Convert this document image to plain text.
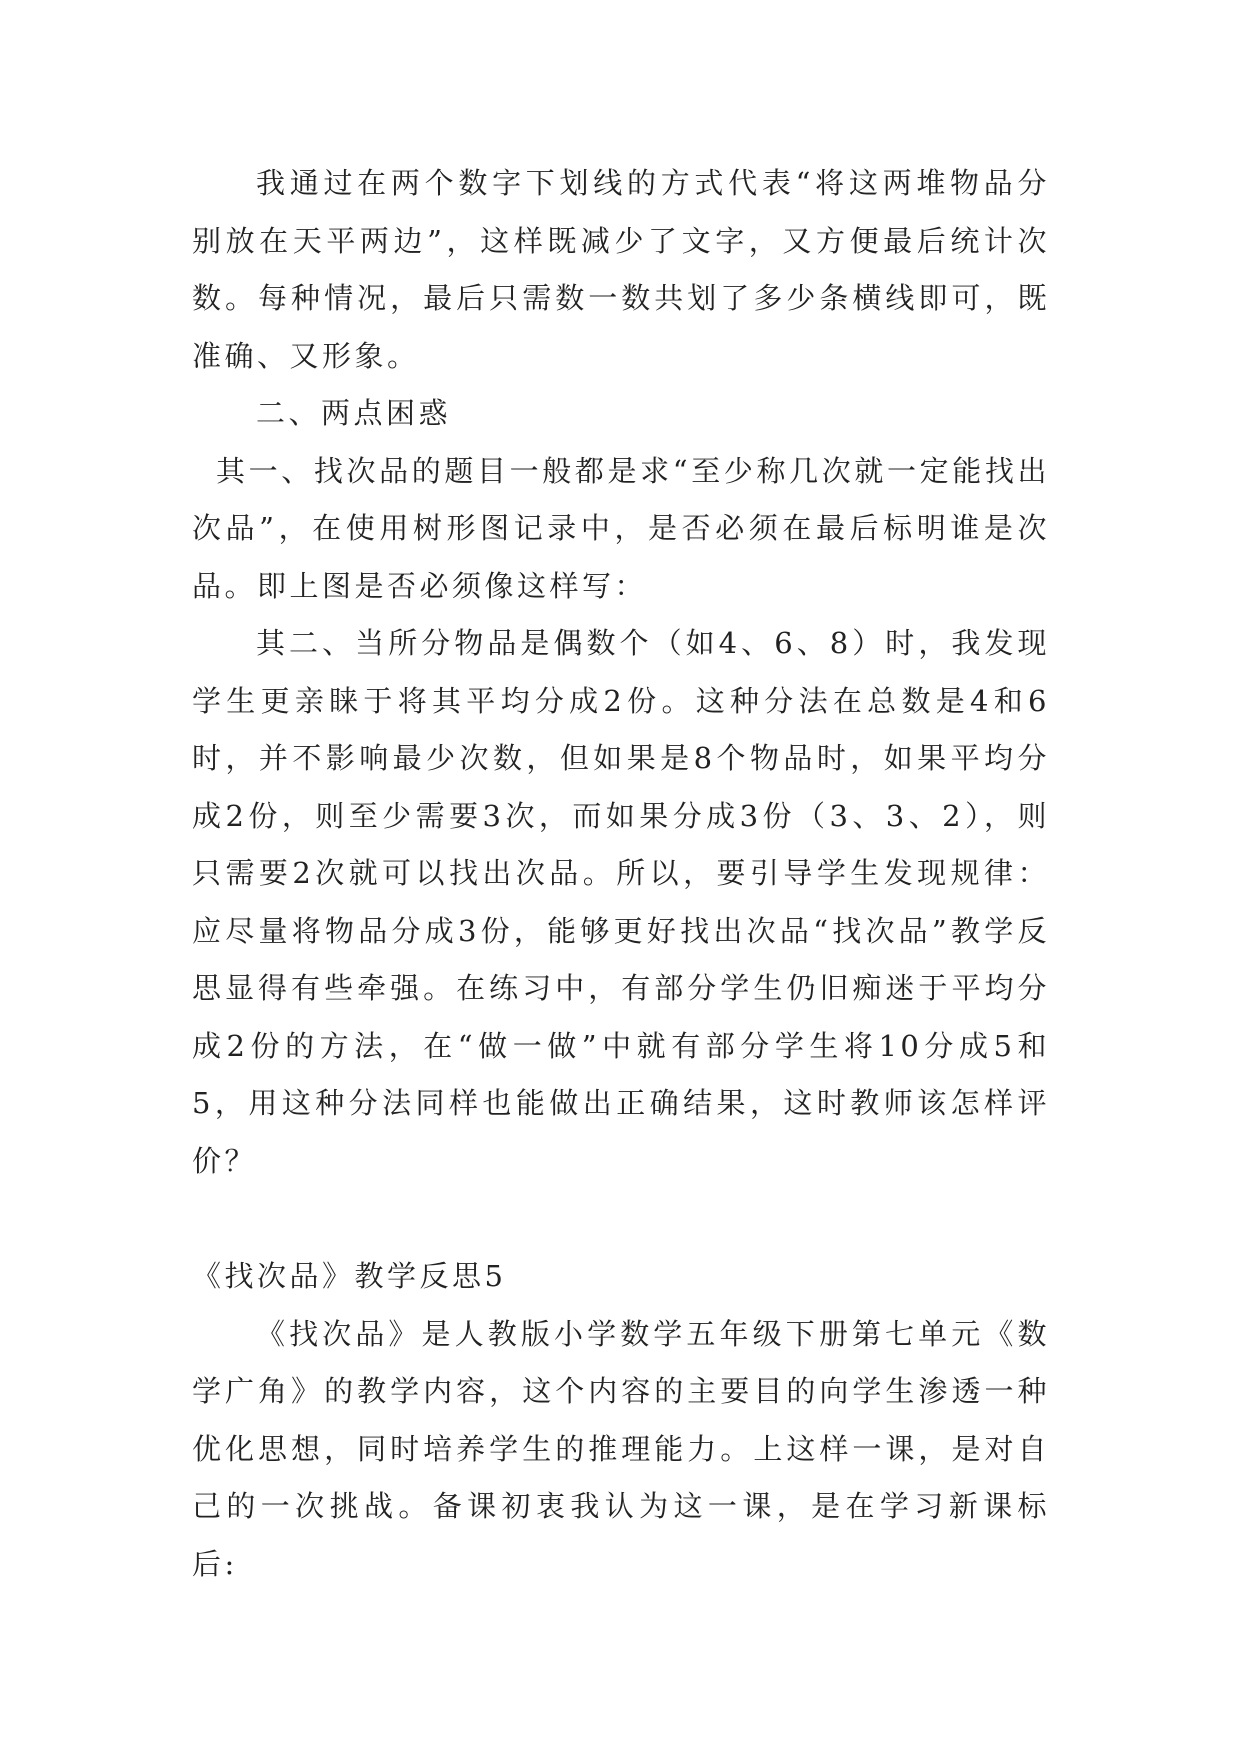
我通过在两个数字下划线的方式代表“将这两堆物品分别放在天平两边”，这样既减少了文字，又方便最后统计次数。每种情况，最后只需数一数共划了多少条横线即可，既准确、又形象。

二、两点困惑

其一、找次品的题目一般都是求“至少称几次就一定能找出次品”，在使用树形图记录中，是否必须在最后标明谁是次品。即上图是否必须像这样写：

其二、当所分物品是偶数个（如4、6、8）时，我发现学生更亲睐于将其平均分成2份。这种分法在总数是4和6时，并不影响最少次数，但如果是8个物品时，如果平均分成2份，则至少需要3次，而如果分成3份（3、3、2），则只需要2次就可以找出次品。所以，要引导学生发现规律：应尽量将物品分成3份，能够更好找出次品“找次品”教学反思显得有些牵强。在练习中，有部分学生仍旧痴迷于平均分成2份的方法，在“做一做”中就有部分学生将10分成5和5，用这种分法同样也能做出正确结果，这时教师该怎样评价？

《找次品》教学反思5

《找次品》是人教版小学数学五年级下册第七单元《数学广角》的教学内容，这个内容的主要目的向学生渗透一种优化思想，同时培养学生的推理能力。上这样一课，是对自己的一次挑战。备课初衷我认为这一课，是在学习新课标后:
